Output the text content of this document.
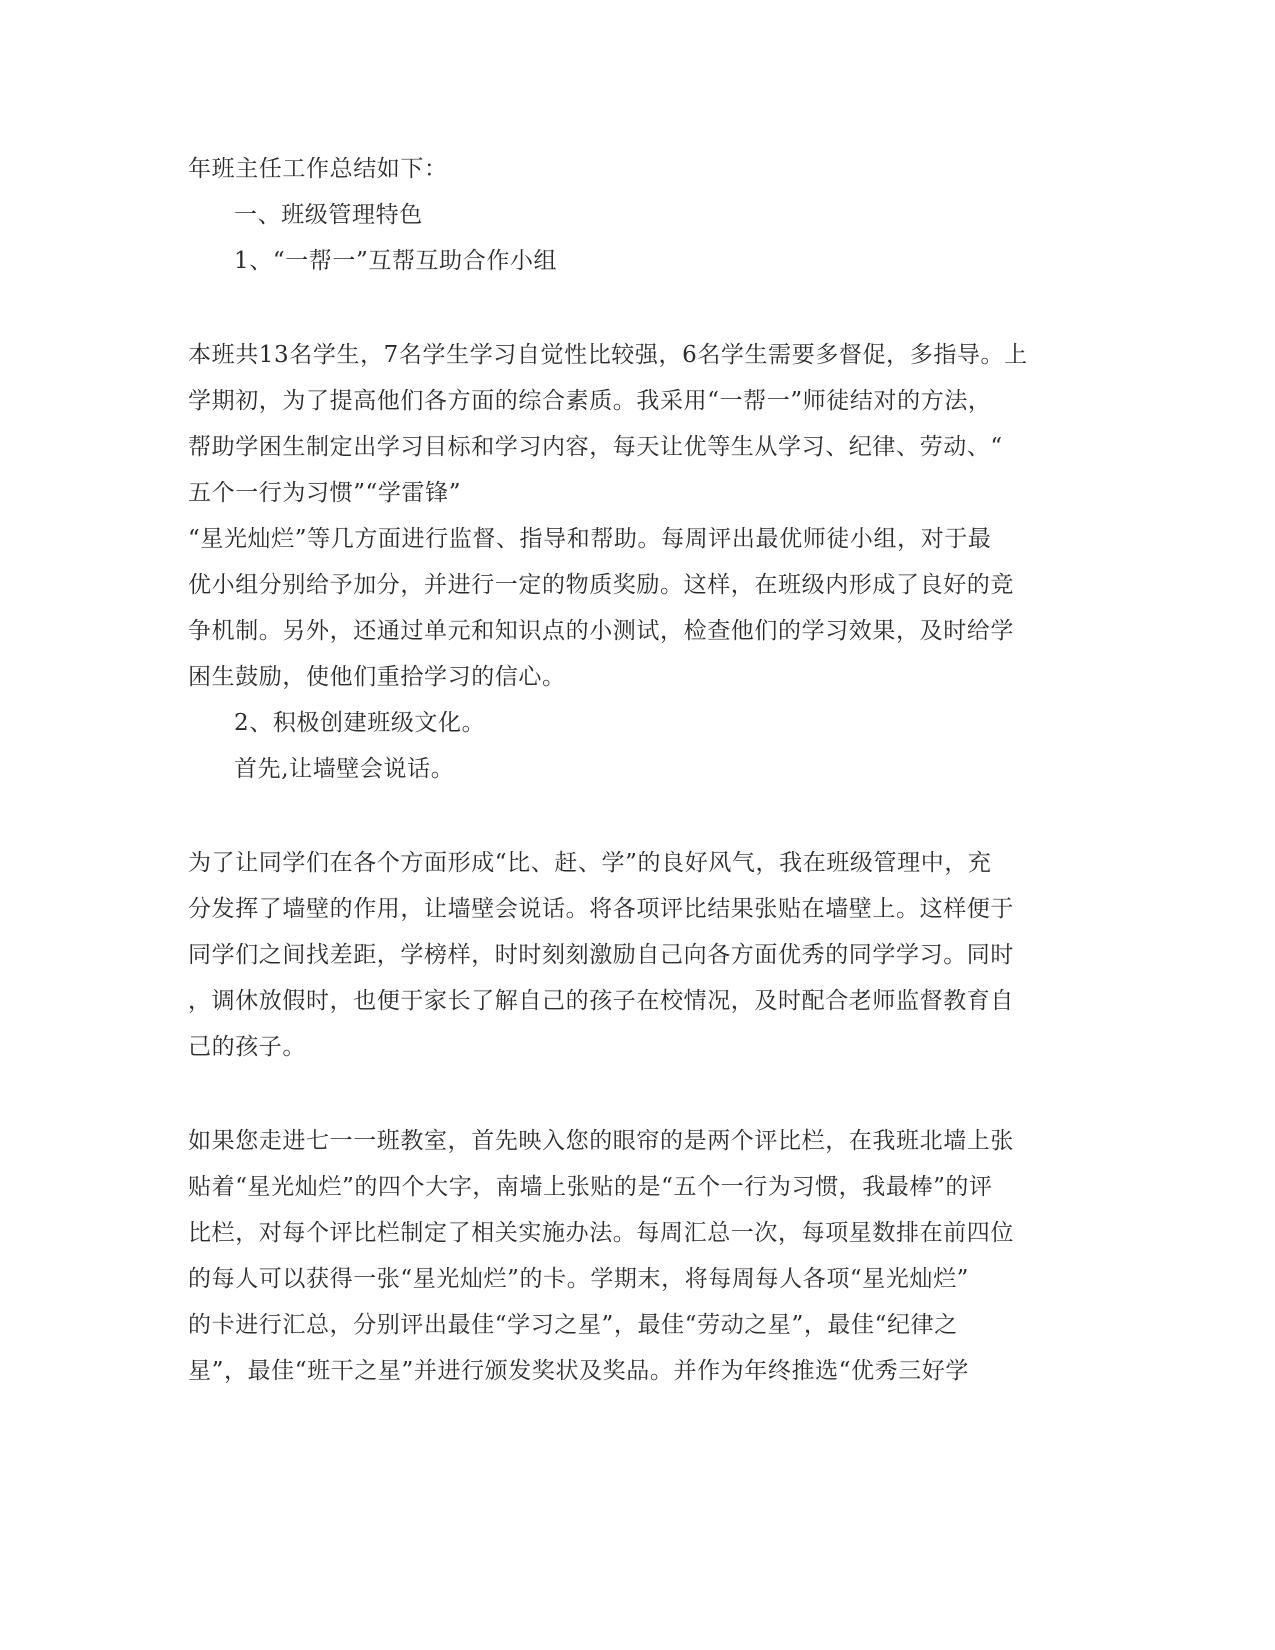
年班主任工作总结如下：
一、班级管理特色
1、“一帮一”互帮互助合作小组
本班共13名学生，7名学生学习自觉性比较强，6名学生需要多督促，多指导。上
学期初，为了提高他们各方面的综合素质。我采用“一帮一”师徒结对的方法，
帮助学困生制定出学习目标和学习内容，每天让优等生从学习、纪律、劳动、“
五个一行为习惯”“学雷锋”
“星光灿烂”等几方面进行监督、指导和帮助。每周评出最优师徒小组，对于最
优小组分别给予加分，并进行一定的物质奖励。这样，在班级内形成了良好的竞
争机制。另外，还通过单元和知识点的小测试，检查他们的学习效果，及时给学
困生鼓励，使他们重拾学习的信心。
2、积极创建班级文化。
首先,让墙壁会说话。
为了让同学们在各个方面形成“比、赶、学”的良好风气，我在班级管理中，充
分发挥了墙壁的作用，让墙壁会说话。将各项评比结果张贴在墙壁上。这样便于
同学们之间找差距，学榜样，时时刻刻激励自己向各方面优秀的同学学习。同时
，调休放假时，也便于家长了解自己的孩子在校情况，及时配合老师监督教育自
己的孩子。
如果您走进七一一班教室，首先映入您的眼帘的是两个评比栏，在我班北墙上张
贴着“星光灿烂”的四个大字，南墙上张贴的是“五个一行为习惯，我最棒”的评
比栏，对每个评比栏制定了相关实施办法。每周汇总一次，每项星数排在前四位
的每人可以获得一张“星光灿烂”的卡。学期末，将每周每人各项“星光灿烂”
的卡进行汇总，分别评出最佳“学习之星”，最佳“劳动之星”，最佳“纪律之
星”，最佳“班干之星”并进行颁发奖状及奖品。并作为年终推选“优秀三好学
